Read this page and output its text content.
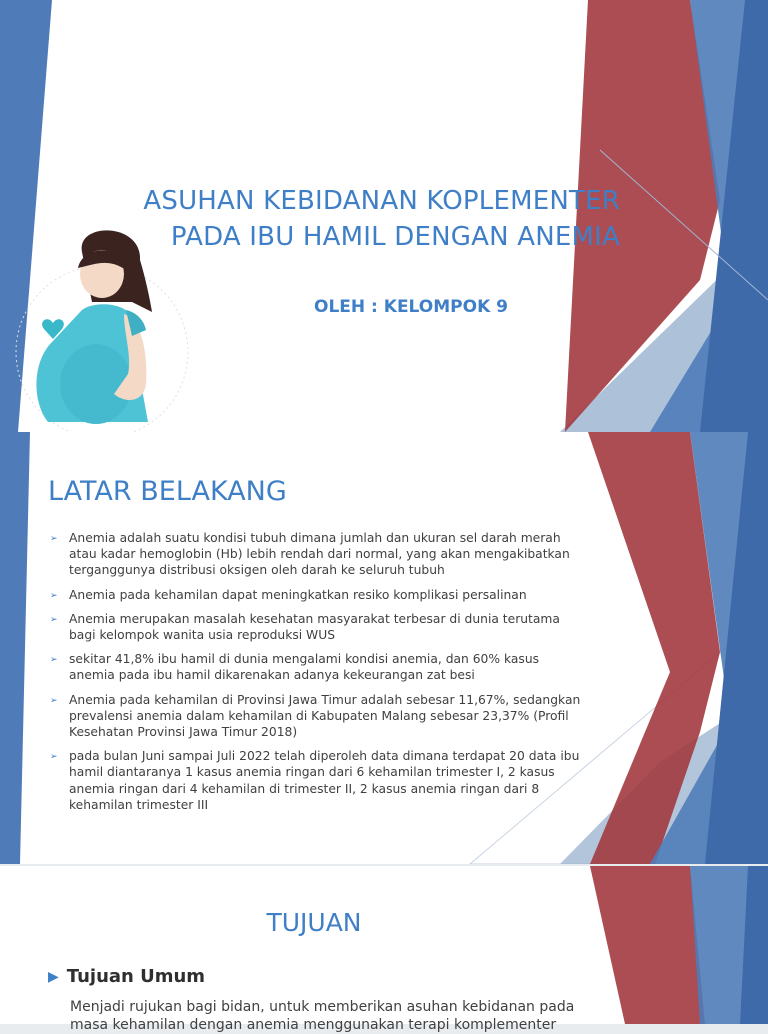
ASUHAN KEBIDANAN KOPLEMENTER
PADA IBU HAMIL DENGAN ANEMIA

OLEH : KELOMPOK 9

LATAR BELAKANG
➢ Anemia adalah suatu kondisi tubuh dimana jumlah dan ukuran sel darah merah atau kadar hemoglobin (Hb) lebih rendah dari normal, yang akan mengakibatkan terganggunya distribusi oksigen oleh darah ke seluruh tubuh
➢ Anemia pada kehamilan dapat meningkatkan resiko komplikasi persalinan
➢ Anemia merupakan masalah kesehatan masyarakat terbesar di dunia terutama bagi kelompok wanita usia reproduksi WUS
➢ sekitar 41,8% ibu hamil di dunia mengalami kondisi anemia, dan 60% kasus anemia pada ibu hamil dikarenakan adanya kekeurangan zat besi
➢ Anemia pada kehamilan di Provinsi Jawa Timur adalah sebesar 11,67%, sedangkan prevalensi anemia dalam kehamilan di Kabupaten Malang sebesar 23,37% (Profil Kesehatan Provinsi Jawa Timur 2018)
➢ pada bulan Juni sampai Juli 2022 telah diperoleh data dimana terdapat 20 data ibu hamil diantaranya 1 kasus anemia ringan dari 6 kehamilan trimester I, 2 kasus anemia ringan dari 4 kehamilan di trimester II, 2 kasus anemia ringan dari 8 kehamilan trimester III
TUJUAN
▶ Tujuan Umum

Menjadi rujukan bagi bidan, untuk memberikan asuhan kebidanan pada masa kehamilan dengan anemia menggunakan terapi komplementer
